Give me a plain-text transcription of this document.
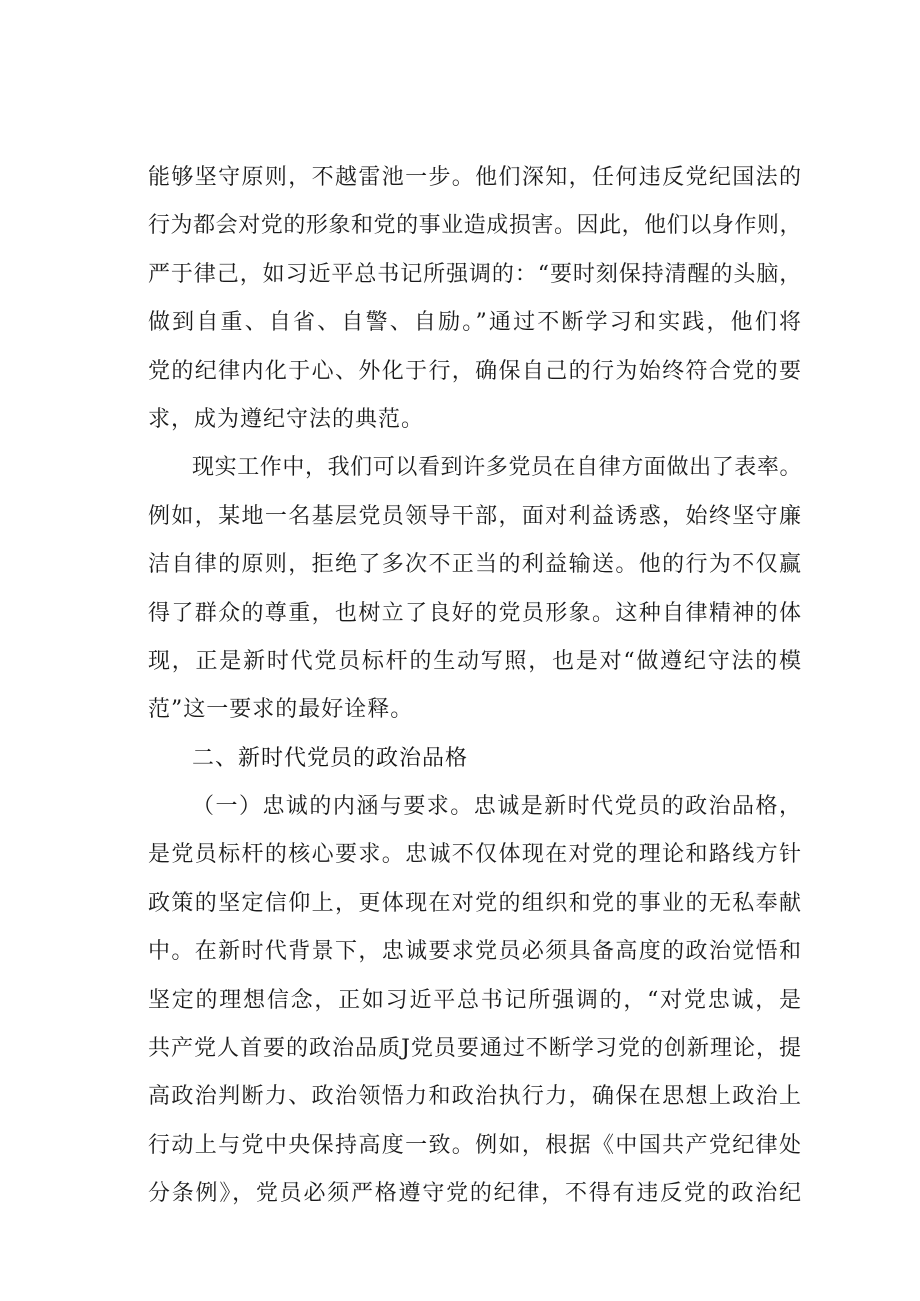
能够坚守原则，不越雷池一步。他们深知，任何违反党纪国法的
行为都会对党的形象和党的事业造成损害。因此，他们以身作则，
严于律己，如习近平总书记所强调的：“要时刻保持清醒的头脑，
做到自重、自省、自警、自励。”通过不断学习和实践，他们将
党的纪律内化于心、外化于行，确保自己的行为始终符合党的要
求，成为遵纪守法的典范。
现实工作中，我们可以看到许多党员在自律方面做出了表率。
例如，某地一名基层党员领导干部，面对利益诱惑，始终坚守廉
洁自律的原则，拒绝了多次不正当的利益输送。他的行为不仅赢
得了群众的尊重，也树立了良好的党员形象。这种自律精神的体
现，正是新时代党员标杆的生动写照，也是对“做遵纪守法的模
范”这一要求的最好诠释。
二、新时代党员的政治品格
（一）忠诚的内涵与要求。忠诚是新时代党员的政治品格，
是党员标杆的核心要求。忠诚不仅体现在对党的理论和路线方针
政策的坚定信仰上，更体现在对党的组织和党的事业的无私奉献
中。在新时代背景下，忠诚要求党员必须具备高度的政治觉悟和
坚定的理想信念，正如习近平总书记所强调的，“对党忠诚，是
共产党人首要的政治品质J党员要通过不断学习党的创新理论，提
高政治判断力、政治领悟力和政治执行力，确保在思想上政治上
行动上与党中央保持高度一致。例如，根据《中国共产党纪律处
分条例》，党员必须严格遵守党的纪律，不得有违反党的政治纪
